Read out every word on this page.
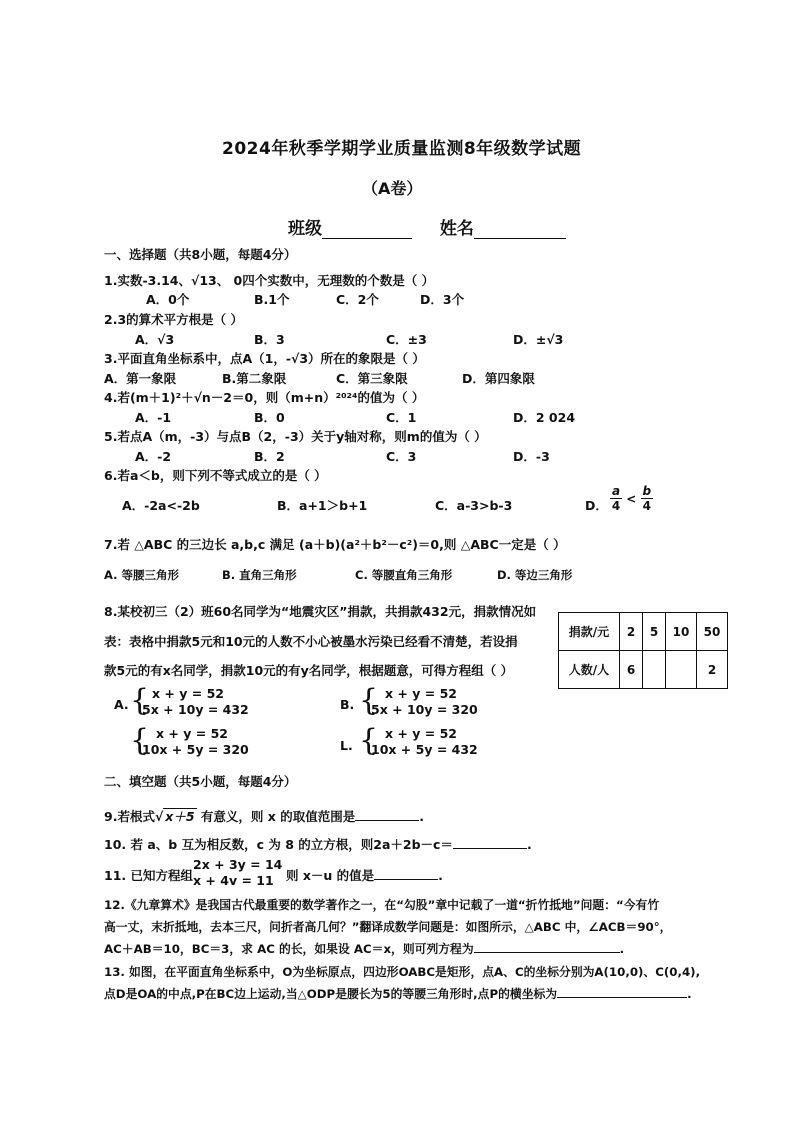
2024年秋季学期学业质量监测8年级数学试题
（A卷）
班级	姓名
一、选择题（共8小题，每题4分）
1.实数-3.14、√13、 0四个实数中，无理数的个数是（ ）
A．0个	B.1个	C．2个	D．3个
2.3的算术平方根是（ ）
A．√3	B．3	C．±3	D．±√3
3.平面直角坐标系中，点A（1，-√3）所在的象限是（ ）
A．第一象限	B.第二象限	C．第三象限	D．第四象限
4.若(m＋1)²＋√n－2＝0，则（m+n）²⁰²⁴的值为（ ）
A．-1	B．0	C．1	D．2 024
5.若点A（m，-3）与点B（2，-3）关于y轴对称，则m的值为（ ）
A．-2	B．2	C．3	D．-3
6.若a＜b，则下列不等式成立的是（ ）
A．-2a<-2b	B．a+1＞b+1	C．a-3>b-3	D． $\frac{a}{4} < \frac{b}{4}$
7.若 △ABC 的三边长 a,b,c 满足 (a＋b)(a²＋b²－c²)＝0,则 △ABC一定是（ ）
A. 等腰三角形	B. 直角三角形	C. 等腰直角三角形	D. 等边三角形
8.某校初三（2）班60名同学为“地震灾区”捐款，共捐款432元，捐款情况如
表：表格中捐款5元和10元的人数不小心被墨水污染已经看不清楚，若设捐
款5元的有x名同学，捐款10元的有y名同学，根据题意，可得方程组（ ）
捐款/元	2	5	10	50
人数/人	6			2
A. { x + y = 52
5x + 10y = 432	B. { x + y = 52
5x + 10y = 320
{ x + y = 52
10x + 5y = 320	L. { x + y = 52
10x + 5y = 432
二、填空题（共5小题，每题4分）
9.若根式√ x＋5 有意义，则 x 的取值范围是	.
10. 若 a、b 互为相反数，c 为 8 的立方根，则2a＋2b－c＝	.
11. 已知方程组
2x + 3y = 14
x + 4v = 11 则 x－u 的值是	.
12.《九章算术》是我国古代最重要的数学著作之一，在“勾股”章中记载了一道“折竹抵地”问题：“今有竹
高一丈，末折抵地，去本三尺，问折者高几何？”翻译成数学问题是：如图所示，△ABC 中，∠ACB＝90°，
AC＋AB＝10，BC＝3，求 AC 的长，如果设 AC＝x，则可列方程为	.
13. 如图，在平面直角坐标系中，O为坐标原点，四边形OABC是矩形，点A、C的坐标分别为A(10,0)、C(0,4),
点D是OA的中点,P在BC边上运动,当△ODP是腰长为5的等腰三角形时,点P的横坐标为	.
